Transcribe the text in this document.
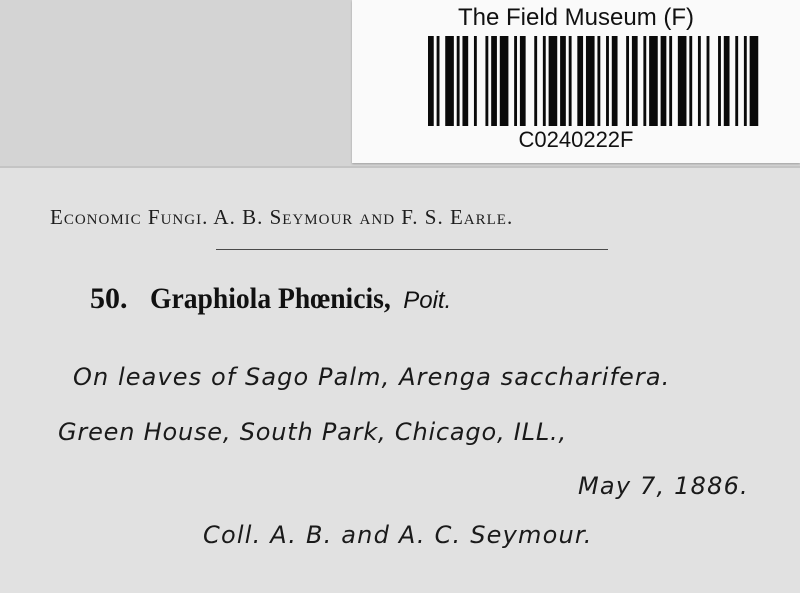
The Field Museum (F)
C0240222F
Economic Fungi. A. B. Seymour and F. S. Earle.
50. Graphiola Phœnicis, Poit.
On leaves of Sago Palm, Arenga saccharifera.
Green House, South Park, Chicago, ILL.,
May 7, 1886.
Coll. A. B. and A. C. Seymour.
